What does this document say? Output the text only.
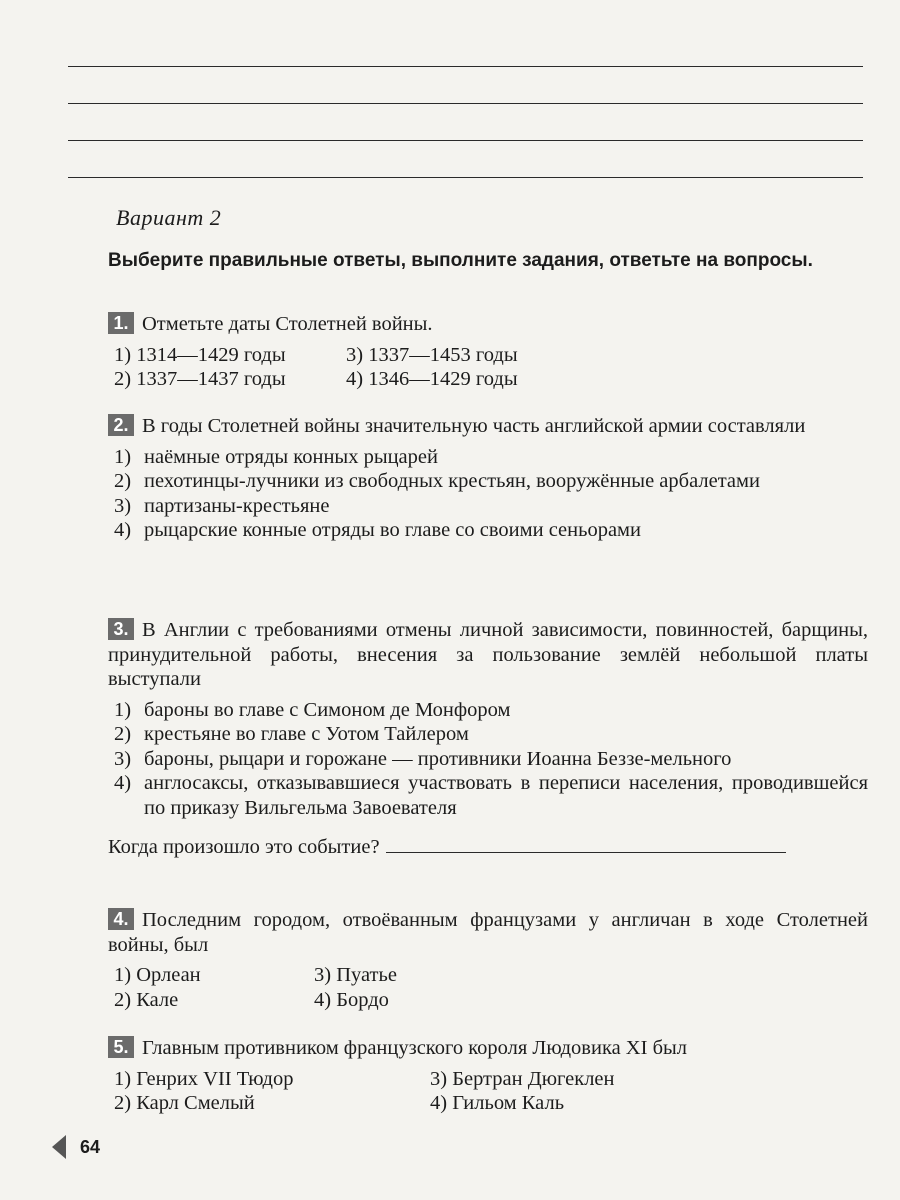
Вариант 2
Выберите правильные ответы, выполните задания, ответьте на вопросы.
1. Отметьте даты Столетней войны.
1) 1314—1429 годы	3) 1337—1453 годы
2) 1337—1437 годы	4) 1346—1429 годы
2. В годы Столетней войны значительную часть английской армии составляли
1) наёмные отряды конных рыцарей
2) пехотинцы-лучники из свободных крестьян, вооружённые арбалетами
3) партизаны-крестьяне
4) рыцарские конные отряды во главе со своими сеньорами
3. В Англии с требованиями отмены личной зависимости, повинностей, барщины, принудительной работы, внесения за пользование землёй небольшой платы выступали
1) бароны во главе с Симоном де Монфором
2) крестьяне во главе с Уотом Тайлером
3) бароны, рыцари и горожане — противники Иоанна Беззе-мельного
4) англосаксы, отказывавшиеся участвовать в переписи населения, проводившейся по приказу Вильгельма Завоевателя
Когда произошло это событие?
4. Последним городом, отвоёванным французами у англичан в ходе Столетней войны, был
1) Орлеан	3) Пуатье
2) Кале	4) Бордо
5. Главным противником французского короля Людовика XI был
1) Генрих VII Тюдор	3) Бертран Дюгеклен
2) Карл Смелый	4) Гильом Каль
64
